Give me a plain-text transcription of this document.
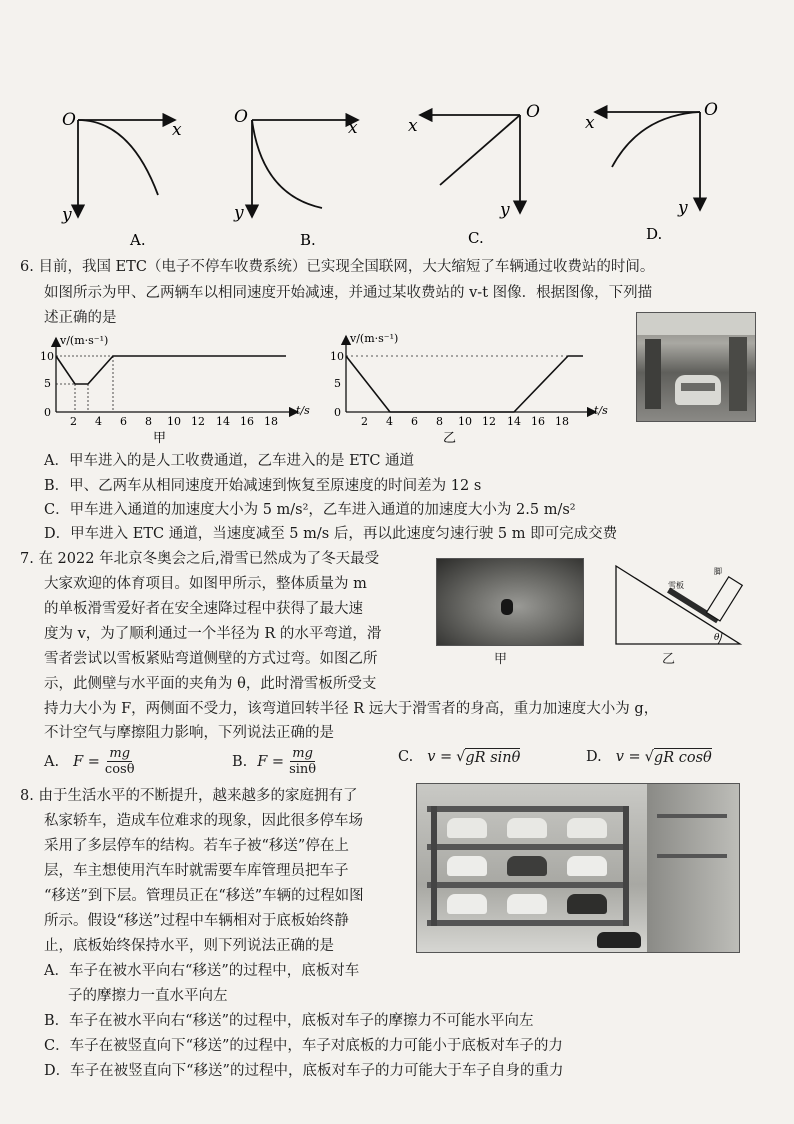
O	x
y
A.
O
x
y
B.
O
x
y
C.
O
x
y
D.
6. 目前，我国 ETC（电子不停车收费系统）已实现全国联网，大大缩短了车辆通过收费站的时间。
如图所示为甲、乙两辆车以相同速度开始减速，并通过某收费站的 v-t 图像．根据图像，下列描
述正确的是
v/(m·s⁻¹)
t/s
10
5
0
2 4 6 8 10 12 14 16 18
甲
v/(m·s⁻¹)
t/s
10
5
0
2 4 6 8 10 12 14 16 18
乙
A．甲车进入的是人工收费通道，乙车进入的是 ETC 通道
B．甲、乙两车从相同速度开始减速到恢复至原速度的时间差为 12 s
C．甲车进入通道的加速度大小为 5 m/s²，乙车进入通道的加速度大小为 2.5 m/s²
D．甲车进入 ETC 通道，当速度减至 5 m/s 后，再以此速度匀速行驶 5 m 即可完成交费
7. 在 2022 年北京冬奥会之后,滑雪已然成为了冬天最受
大家欢迎的体育项目。如图甲所示，整体质量为 m
的单板滑雪爱好者在安全速降过程中获得了最大速
度为 v，为了顺利通过一个半径为 R 的水平弯道，滑
雪者尝试以雪板紧贴弯道侧壁的方式过弯。如图乙所
示，此侧壁与水平面的夹角为 θ，此时滑雪板所受支
持力大小为 F，两侧面不受力，该弯道回转半径 R 远大于滑雪者的身高，重力加速度大小为 g，
不计空气与摩擦阻力影响，下列说法正确的是
甲
雪板
脚
θ
乙
A. $F = \frac{mg}{\cos\theta}$	B. $F = \frac{mg}{\sin\theta}$	C. v = √ gR sinθ	D. v = √ gR cosθ
8. 由于生活水平的不断提升，越来越多的家庭拥有了
私家轿车，造成车位难求的现象，因此很多停车场
采用了多层停车的结构。若车子被“移送”停在上
层，车主想使用汽车时就需要车库管理员把车子
“移送”到下层。管理员正在“移送”车辆的过程如图
所示。假设“移送”过程中车辆相对于底板始终静
止，底板始终保持水平，则下列说法正确的是
A．车子在被水平向右“移送”的过程中，底板对车
子的摩擦力一直水平向左
B．车子在被水平向右“移送”的过程中，底板对车子的摩擦力不可能水平向左
C．车子在被竖直向下“移送”的过程中，车子对底板的力可能小于底板对车子的力
D．车子在被竖直向下“移送”的过程中，底板对车子的力可能大于车子自身的重力
